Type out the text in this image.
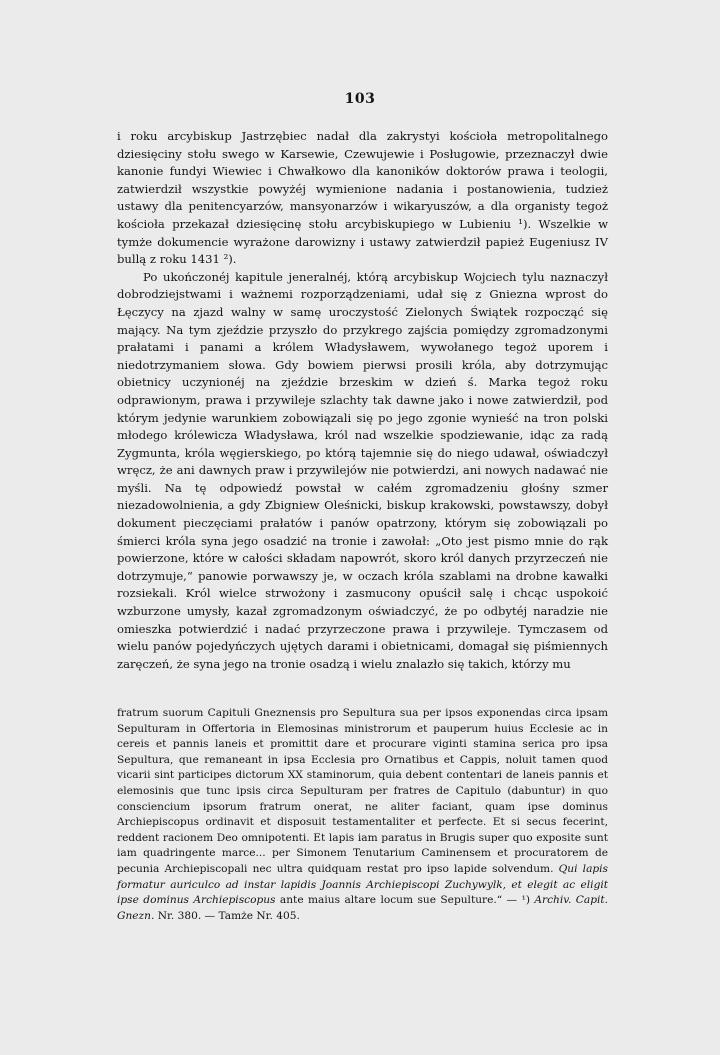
103

i roku arcybiskup Jastrzębiec nadał dla zakrystyi kościoła metropolitalnego dziesięciny stołu swego w Karsewie, Czewujewie i Posługowie, przeznaczył dwie kanonie fundyi Wiewiec i Chwałkowo dla kanoników doktorów prawa i teologii, zatwierdził wszystkie powyżéj wymienione nadania i postanowienia, tudzież ustawy dla penitencyarzów, mansyonarzów i wikaryuszów, a dla organisty tegoż kościoła przekazał dziesięcinę stołu arcybiskupiego w Lubieniu ¹). Wszelkie w tymże dokumencie wyrażone darowizny i ustawy zatwierdził papież Eugeniusz IV bullą z roku 1431 ²).

Po ukończonéj kapitule jeneralnéj, którą arcybiskup Wojciech tylu naznaczył dobrodziejstwami i ważnemi rozporządzeniami, udał się z Gniezna wprost do Łęczycy na zjazd walny w samę uroczystość Zielonych Świątek rozpocząć się mający. Na tym zjeździe przyszło do przykrego zajścia pomiędzy zgromadzonymi prałatami i panami a królem Władysławem, wywołanego tegoż uporem i niedotrzymaniem słowa. Gdy bowiem pierwsi prosili króla, aby dotrzymując obietnicy uczynionéj na zjeździe brzeskim w dzień ś. Marka tegoż roku odprawionym, prawa i przywileje szlachty tak dawne jako i nowe zatwierdził, pod którym jedynie warunkiem zobowiązali się po jego zgonie wynieść na tron polski młodego królewicza Władysława, król nad wszelkie spodziewanie, idąc za radą Zygmunta, króla węgierskiego, po którą tajemnie się do niego udawał, oświadczył wręcz, że ani dawnych praw i przywilejów nie potwierdzi, ani nowych nadawać nie myśli. Na tę odpowiedź powstał w całém zgromadzeniu głośny szmer niezadowolnienia, a gdy Zbigniew Oleśnicki, biskup krakowski, powstawszy, dobył dokument pieczęciami prałatów i panów opatrzony, którym się zobowiązali po śmierci króla syna jego osadzić na tronie i zawołał: „Oto jest pismo mnie do rąk powierzone, które w całości składam napowrót, skoro król danych przyrzeczeń nie dotrzymuje,“ panowie porwawszy je, w oczach króla szablami na drobne kawałki rozsiekali. Król wielce strwożony i zasmucony opuścił salę i chcąc uspokoić wzburzone umysły, kazał zgromadzonym oświadczyć, że po odbytéj naradzie nie omieszka potwierdzić i nadać przyrzeczone prawa i przywileje. Tymczasem od wielu panów pojedyńczych ujętych darami i obietnicami, domagał się piśmiennych zaręczeń, że syna jego na tronie osadzą i wielu znalazło się takich, którzy mu

fratrum suorum Capituli Gneznensis pro Sepultura sua per ipsos exponendas circa ipsam Sepulturam in Offertoria in Elemosinas ministrorum et pauperum huius Ecclesie ac in cereis et pannis laneis et promittit dare et procurare viginti stamina serica pro ipsa Sepultura, que remaneant in ipsa Ecclesia pro Ornatibus et Cappis, noluit tamen quod vicarii sint participes dictorum XX staminorum, quia debent contentari de laneis pannis et elemosinis que tunc ipsis circa Sepulturam per fratres de Capitulo (dabuntur) in quo consciencium ipsorum fratrum onerat, ne aliter faciant, quam ipse dominus Archiepiscopus ordinavit et disposuit testamentaliter et perfecte. Et si secus fecerint, reddent racionem Deo omnipotenti. Et lapis iam paratus in Brugis super quo exposite sunt iam quadringente marce... per Simonem Tenutarium Caminensem et procuratorem de pecunia Archiepiscopali nec ultra quidquam restat pro ipso lapide solvendum. Qui lapis formatur auriculco ad instar lapidis Joannis Archiepiscopi Zuchywylk, et elegit ac eligit ipse dominus Archiepiscopus ante maius altare locum sue Sepulture.“ — ¹) Archiv. Capit. Gnezn. Nr. 380. — Tamże Nr. 405.
